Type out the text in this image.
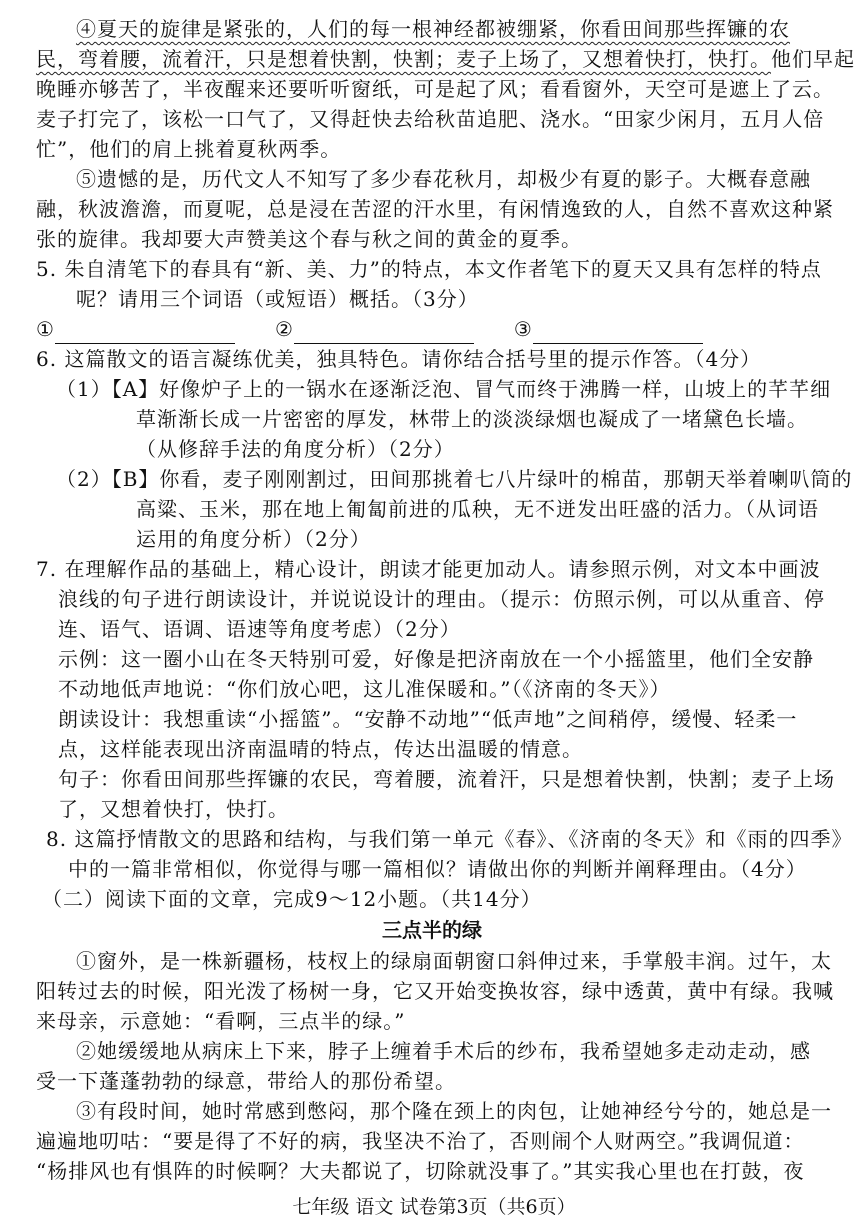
④夏天的旋律是紧张的，人们的每一根神经都被绷紧，你看田间那些挥镰的农
民，弯着腰，流着汗，只是想着快割，快割；麦子上场了，又想着快打，快打。他们早起
晚睡亦够苦了，半夜醒来还要听听窗纸，可是起了风；看看窗外，天空可是遮上了云。
麦子打完了，该松一口气了，又得赶快去给秋苗追肥、浇水。“田家少闲月，五月人倍
忙”，他们的肩上挑着夏秋两季。
⑤遗憾的是，历代文人不知写了多少春花秋月，却极少有夏的影子。大概春意融
融，秋波澹澹，而夏呢，总是浸在苦涩的汗水里，有闲情逸致的人，自然不喜欢这种紧
张的旋律。我却要大声赞美这个春与秋之间的黄金的夏季。
5. 朱自清笔下的春具有“新、美、力”的特点，本文作者笔下的夏天又具有怎样的特点
呢？请用三个词语（或短语）概括。（3分）
①	②	③
6. 这篇散文的语言凝练优美，独具特色。请你结合括号里的提示作答。（4分）
（1）【A】好像炉子上的一锅水在逐渐泛泡、冒气而终于沸腾一样，山坡上的芊芊细
草渐渐长成一片密密的厚发，林带上的淡淡绿烟也凝成了一堵黛色长墙。
（从修辞手法的角度分析）（2分）
（2）【B】你看，麦子刚刚割过，田间那挑着七八片绿叶的棉苗，那朝天举着喇叭筒的
高粱、玉米，那在地上匍匐前进的瓜秧，无不迸发出旺盛的活力。（从词语
运用的角度分析）（2分）
7. 在理解作品的基础上，精心设计，朗读才能更加动人。请参照示例，对文本中画波
浪线的句子进行朗读设计，并说说设计的理由。（提示：仿照示例，可以从重音、停
连、语气、语调、语速等角度考虑）（2分）
示例：这一圈小山在冬天特别可爱，好像是把济南放在一个小摇篮里，他们全安静
不动地低声地说：“你们放心吧，这儿准保暖和。”（《济南的冬天》）
朗读设计：我想重读“小摇篮”。“安静不动地”“低声地”之间稍停，缓慢、轻柔一
点，这样能表现出济南温晴的特点，传达出温暖的情意。
句子：你看田间那些挥镰的农民，弯着腰，流着汗，只是想着快割，快割；麦子上场
了，又想着快打，快打。
8. 这篇抒情散文的思路和结构，与我们第一单元《春》、《济南的冬天》和《雨的四季》
中的一篇非常相似，你觉得与哪一篇相似？请做出你的判断并阐释理由。（4分）
（二）阅读下面的文章，完成9～12小题。（共14分）
三点半的绿
①窗外，是一株新疆杨，枝杈上的绿扇面朝窗口斜伸过来，手掌般丰润。过午，太
阳转过去的时候，阳光泼了杨树一身，它又开始变换妆容，绿中透黄，黄中有绿。我喊
来母亲，示意她：“看啊，三点半的绿。”
②她缓缓地从病床上下来，脖子上缠着手术后的纱布，我希望她多走动走动，感
受一下蓬蓬勃勃的绿意，带给人的那份希望。
③有段时间，她时常感到憋闷，那个隆在颈上的肉包，让她神经兮兮的，她总是一
遍遍地叨咕：“要是得了不好的病，我坚决不治了，否则闹个人财两空。”我调侃道：
“杨排风也有惧阵的时候啊？大夫都说了，切除就没事了。”其实我心里也在打鼓，夜
七年级 语文 试卷第3页（共6页）
